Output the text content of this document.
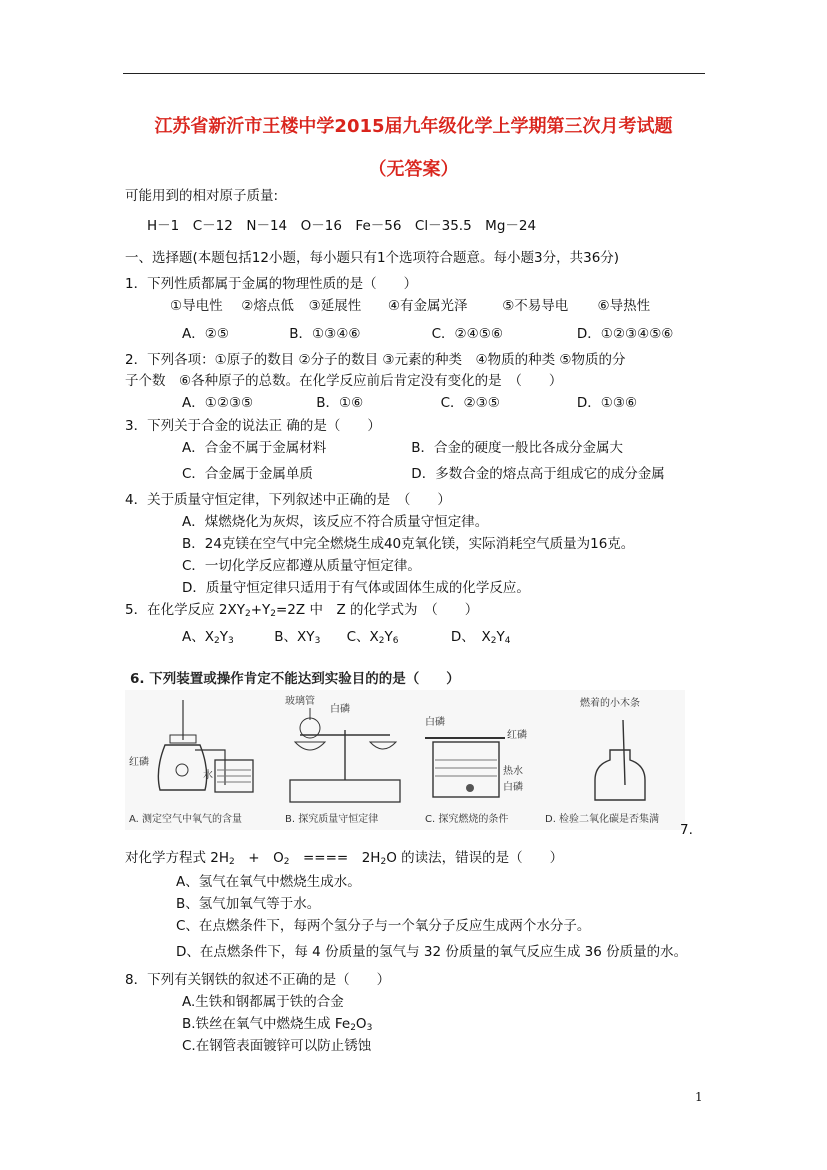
江苏省新沂市王楼中学2015届九年级化学上学期第三次月考试题
（无答案）
可能用到的相对原子质量:
H－1　C－12　N－14　O－16　Fe－56　Cl－35.5　Mg－24
一、选择题(本题包括12小题，每小题只有1个选项符合题意。每小题3分，共36分)
1．下列性质都属于金属的物理性质的是（　　）
①导电性 ②熔点低 ③延展性 ④有金属光泽	⑤不易导电 ⑥导热性
A．②⑤	B．①③④⑥	C．②④⑤⑥	D．①②③④⑤⑥
2．下列各项：①原子的数目 ②分子的数目 ③元素的种类　④物质的种类 ⑤物质的分
子个数　⑥各种原子的总数。在化学反应前后肯定没有变化的是　（　　）
A．①②③⑤	B．①⑥	C．②③⑤	D．①③⑥
3．下列关于合金的说法正 确的是（　　）
A．合金不属于金属材料	B．合金的硬度一般比各成分金属大
C．合金属于金属单质	D．多数合金的熔点高于组成它的成分金属
4．关于质量守恒定律，下列叙述中正确的是　（　　）
A．煤燃烧化为灰烬，该反应不符合质量守恒定律。
B．24克镁在空气中完全燃烧生成40克氧化镁，实际消耗空气质量为16克。
C．一切化学反应都遵从质量守恒定律。
D．质量守恒定律只适用于有气体或固体生成的化学反应。
5．在化学反应 $2XY_2+Y_2=2Z$ 中　Z 的化学式为　（　　）
A、X2Y3	B、XY3 C、X2Y6	D、　X2Y4
6. 下列装置或操作肯定不能达到实验目的的是（　　）
红磷
水
A. 测定空气中氧气的含量
玻璃管
白磷
B. 探究质量守恒定律
白磷
红磷
热水
白磷
C. 探究燃烧的条件
燃着的小木条
D. 检验二氧化碳是否集满
7.
对化学方程式 $2H_2$　+　$O_2$　====　$2H_2O$ 的读法，错误的是（　　）
A、氢气在氧气中燃烧生成水。
B、氢气加氧气等于水。
C、在点燃条件下，每两个氢分子与一个氧分子反应生成两个水分子。
D、在点燃条件下，每 4 份质量的氢气与 32 份质量的氧气反应生成 36 份质量的水。
8．下列有关钢铁的叙述不正确的是（　　）
A.生铁和钢都属于铁的合金
B.铁丝在氧气中燃烧生成 $Fe_2O_3$
C.在钢管表面镀锌可以防止锈蚀
1
